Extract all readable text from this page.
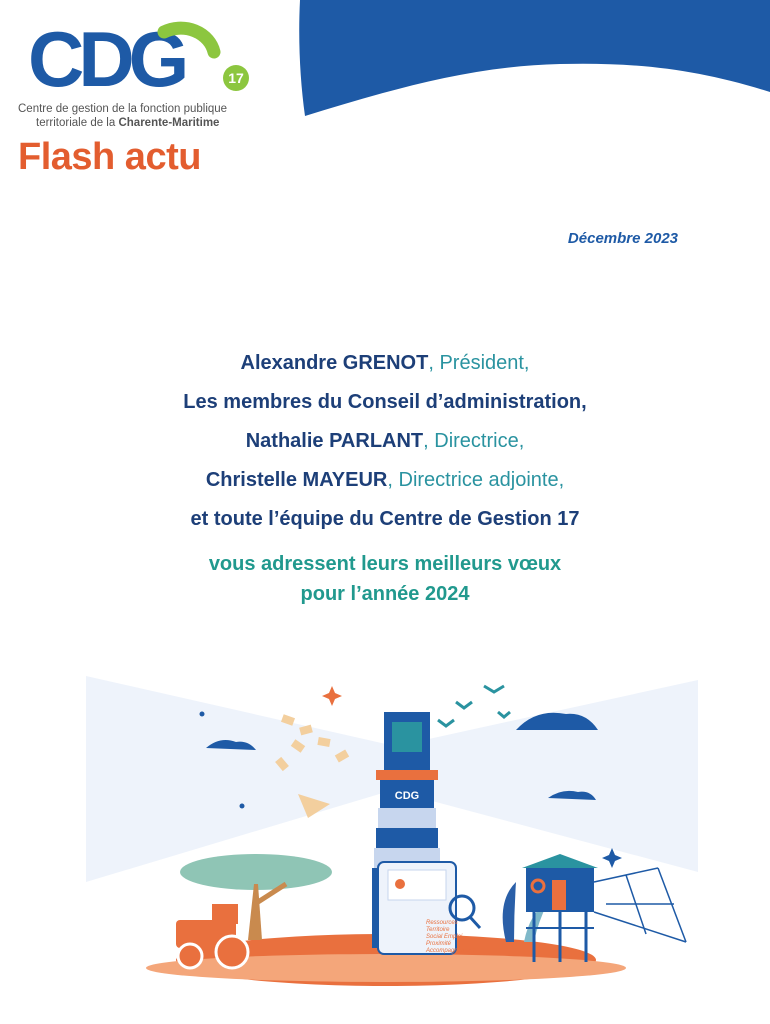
CDG	17
Centre de gestion de la fonction publique
territoriale de la Charente-Maritime
Flash actu
Décembre 2023
Alexandre GRENOT, Président,
Les membres du Conseil d’administration,
Nathalie PARLANT, Directrice,
Christelle MAYEUR, Directrice adjointe,
et toute l’équipe du Centre de Gestion 17
vous adressent leurs meilleurs vœux
pour l’année 2024
CDG
Ressources
Territoire
Social Emploi
Proximité
Accompagnement
